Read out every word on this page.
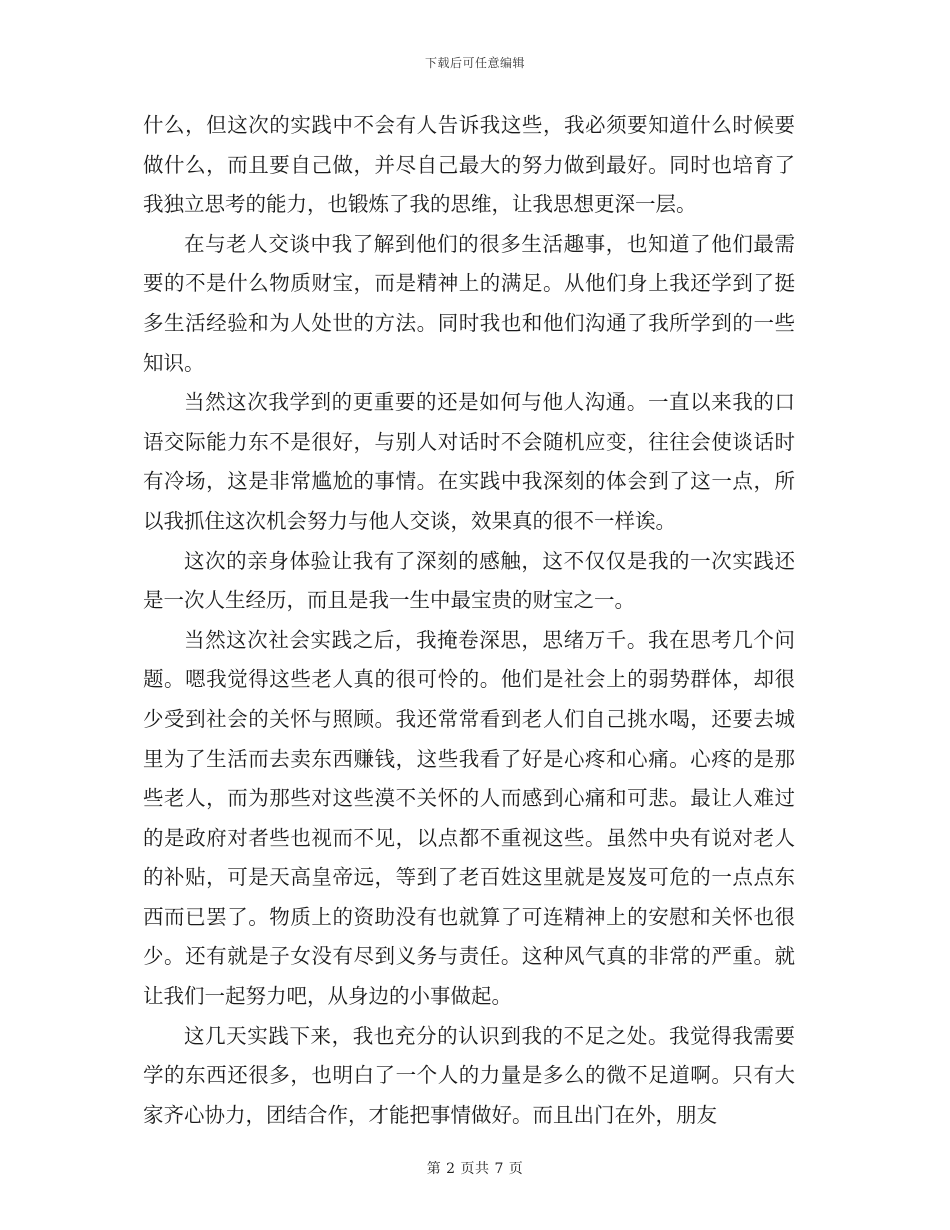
下载后可任意编辑

什么，但这次的实践中不会有人告诉我这些，我必须要知道什么时候要做什么，而且要自己做，并尽自己最大的努力做到最好。同时也培育了我独立思考的能力，也锻炼了我的思维，让我思想更深一层。

在与老人交谈中我了解到他们的很多生活趣事，也知道了他们最需要的不是什么物质财宝，而是精神上的满足。从他们身上我还学到了挺多生活经验和为人处世的方法。同时我也和他们沟通了我所学到的一些知识。

当然这次我学到的更重要的还是如何与他人沟通。一直以来我的口语交际能力东不是很好，与别人对话时不会随机应变，往往会使谈话时有冷场，这是非常尴尬的事情。在实践中我深刻的体会到了这一点，所以我抓住这次机会努力与他人交谈，效果真的很不一样诶。

这次的亲身体验让我有了深刻的感触，这不仅仅是我的一次实践还是一次人生经历，而且是我一生中最宝贵的财宝之一。

当然这次社会实践之后，我掩卷深思，思绪万千。我在思考几个问题。嗯我觉得这些老人真的很可怜的。他们是社会上的弱势群体，却很少受到社会的关怀与照顾。我还常常看到老人们自己挑水喝，还要去城里为了生活而去卖东西赚钱，这些我看了好是心疼和心痛。心疼的是那些老人，而为那些对这些漠不关怀的人而感到心痛和可悲。最让人难过的是政府对者些也视而不见，以点都不重视这些。虽然中央有说对老人的补贴，可是天高皇帝远，等到了老百姓这里就是岌岌可危的一点点东西而已罢了。物质上的资助没有也就算了可连精神上的安慰和关怀也很少。还有就是子女没有尽到义务与责任。这种风气真的非常的严重。就让我们一起努力吧，从身边的小事做起。

这几天实践下来，我也充分的认识到我的不足之处。我觉得我需要学的东西还很多，也明白了一个人的力量是多么的微不足道啊。只有大家齐心协力，团结合作，才能把事情做好。而且出门在外，朋友

第 2 页共 7 页
